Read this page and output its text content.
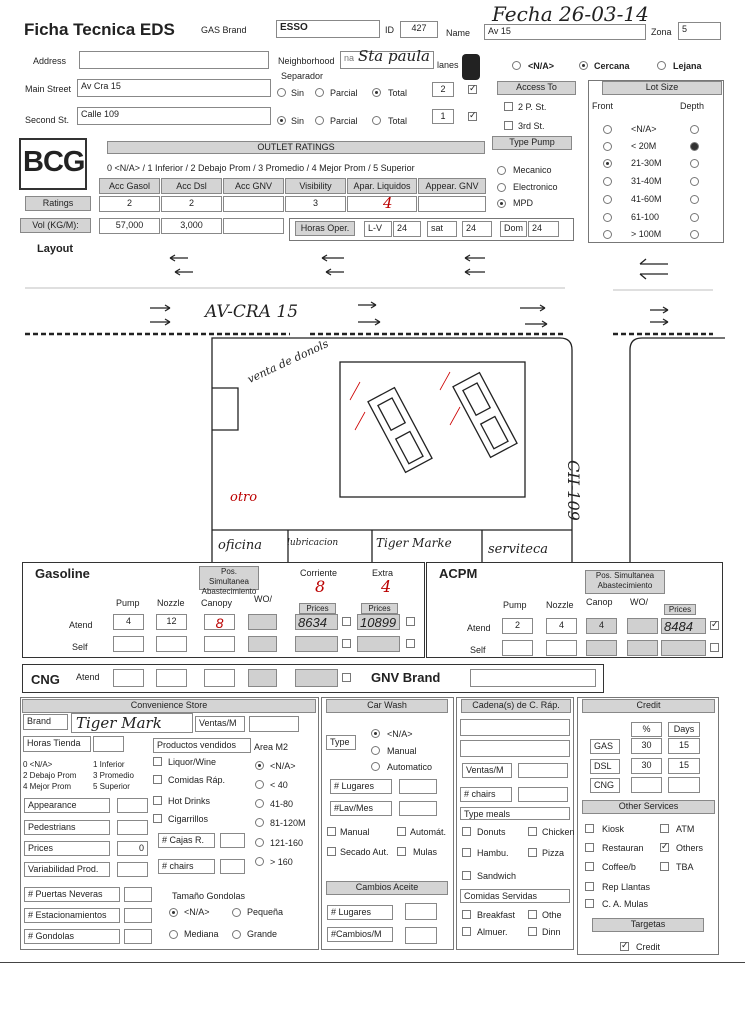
Ficha Tecnica EDS	GAS Brand	ESSO	ID	427	Name	Av 15	Zona	5
Fecha 26-03-14
Address	Neighborhood	na Sta paula lanes
Separador
Main Street	Av Cra 15
Sin	Parcial	Total	2
✓
Second St.
Calle 109
Sin	Parcial	Total	1
✓
<N/A>	Cercana	Lejana
Access To
2 P. St.
3rd St.
Type Pump
Mecanico
Electronico
MPD
Lot Size
Front	Depth
<N/A>
< 20M
21-30M
31-40M
41-60M
61-100
> 100M
BCG	OUTLET RATINGS
0 <N/A> / 1 Inferior / 2 Debajo Prom / 3 Promedio / 4 Mejor Prom / 5 Superior
Acc Gasol	Acc Dsl	Acc GNV	Visibility	Apar. Liquidos	Appear. GNV
Ratings	2	2	3	4
Vol (KG/M):	57,000	3,000	Horas Oper.	L-V	24	sat	24	Dom 24
Layout
AV-CRA 15
CII-109
venta de donols
otro
oficina	lubricacion	Tiger Marke	serviteca
Gasoline	Pos. Simultanea Abastecimiento
Corriente	Extra
8	4
Pump Nozzle Canopy WO/
Prices	Prices
Atend	4	12	8	8634	10899
Self
ACPM	Pos. Simultanea Abastecimiento
Pump Nozzle Canop WO/
Prices
Atend	2	4	4	8484
✓
Self
CNG Atend	GNV Brand
Convenience Store
Brand	Tiger Mark	Ventas/M
Horas Tienda	Productos vendidos	Area M2
0 <N/A>	1 Inferior
2 Debajo Prom 3 Promedio
4 Mejor Prom	5 Superior
Liquor/Wine
Comidas Ráp.
Hot Drinks
Cigarrillos
<N/A>
< 40
41-80
81-120M
121-160
> 160
Appearance
Pedestrians
Prices	0
Variabilidad Prod.
# Cajas R.
# chairs
# Puertas Neveras
# Estacionamientos
# Gondolas
Tamaño Gondolas
<N/A>	Pequeña
Mediana	Grande
Car Wash
Type
<N/A>
Manual
Automatico
# Lugares
#Lav/Mes
Manual	Automát.
Secado Aut.	Mulas
Cambios Aceite
# Lugares
#Cambios/M
Cadena(s) de C. Ráp.
Ventas/M
# chairs
Type meals
Donuts	Chicken
Hambu.	Pizza
Sandwich
Comidas Servidas
Breakfast	Othe
Almuer.	Dinn
Credit
%	Days
GAS	30	15
DSL	30	15
CNG
Other Services
Kiosk	ATM
Restauran
✓	Others
Coffee/b	TBA
Rep Llantas
C. A. Mulas
Targetas
✓
Credit
